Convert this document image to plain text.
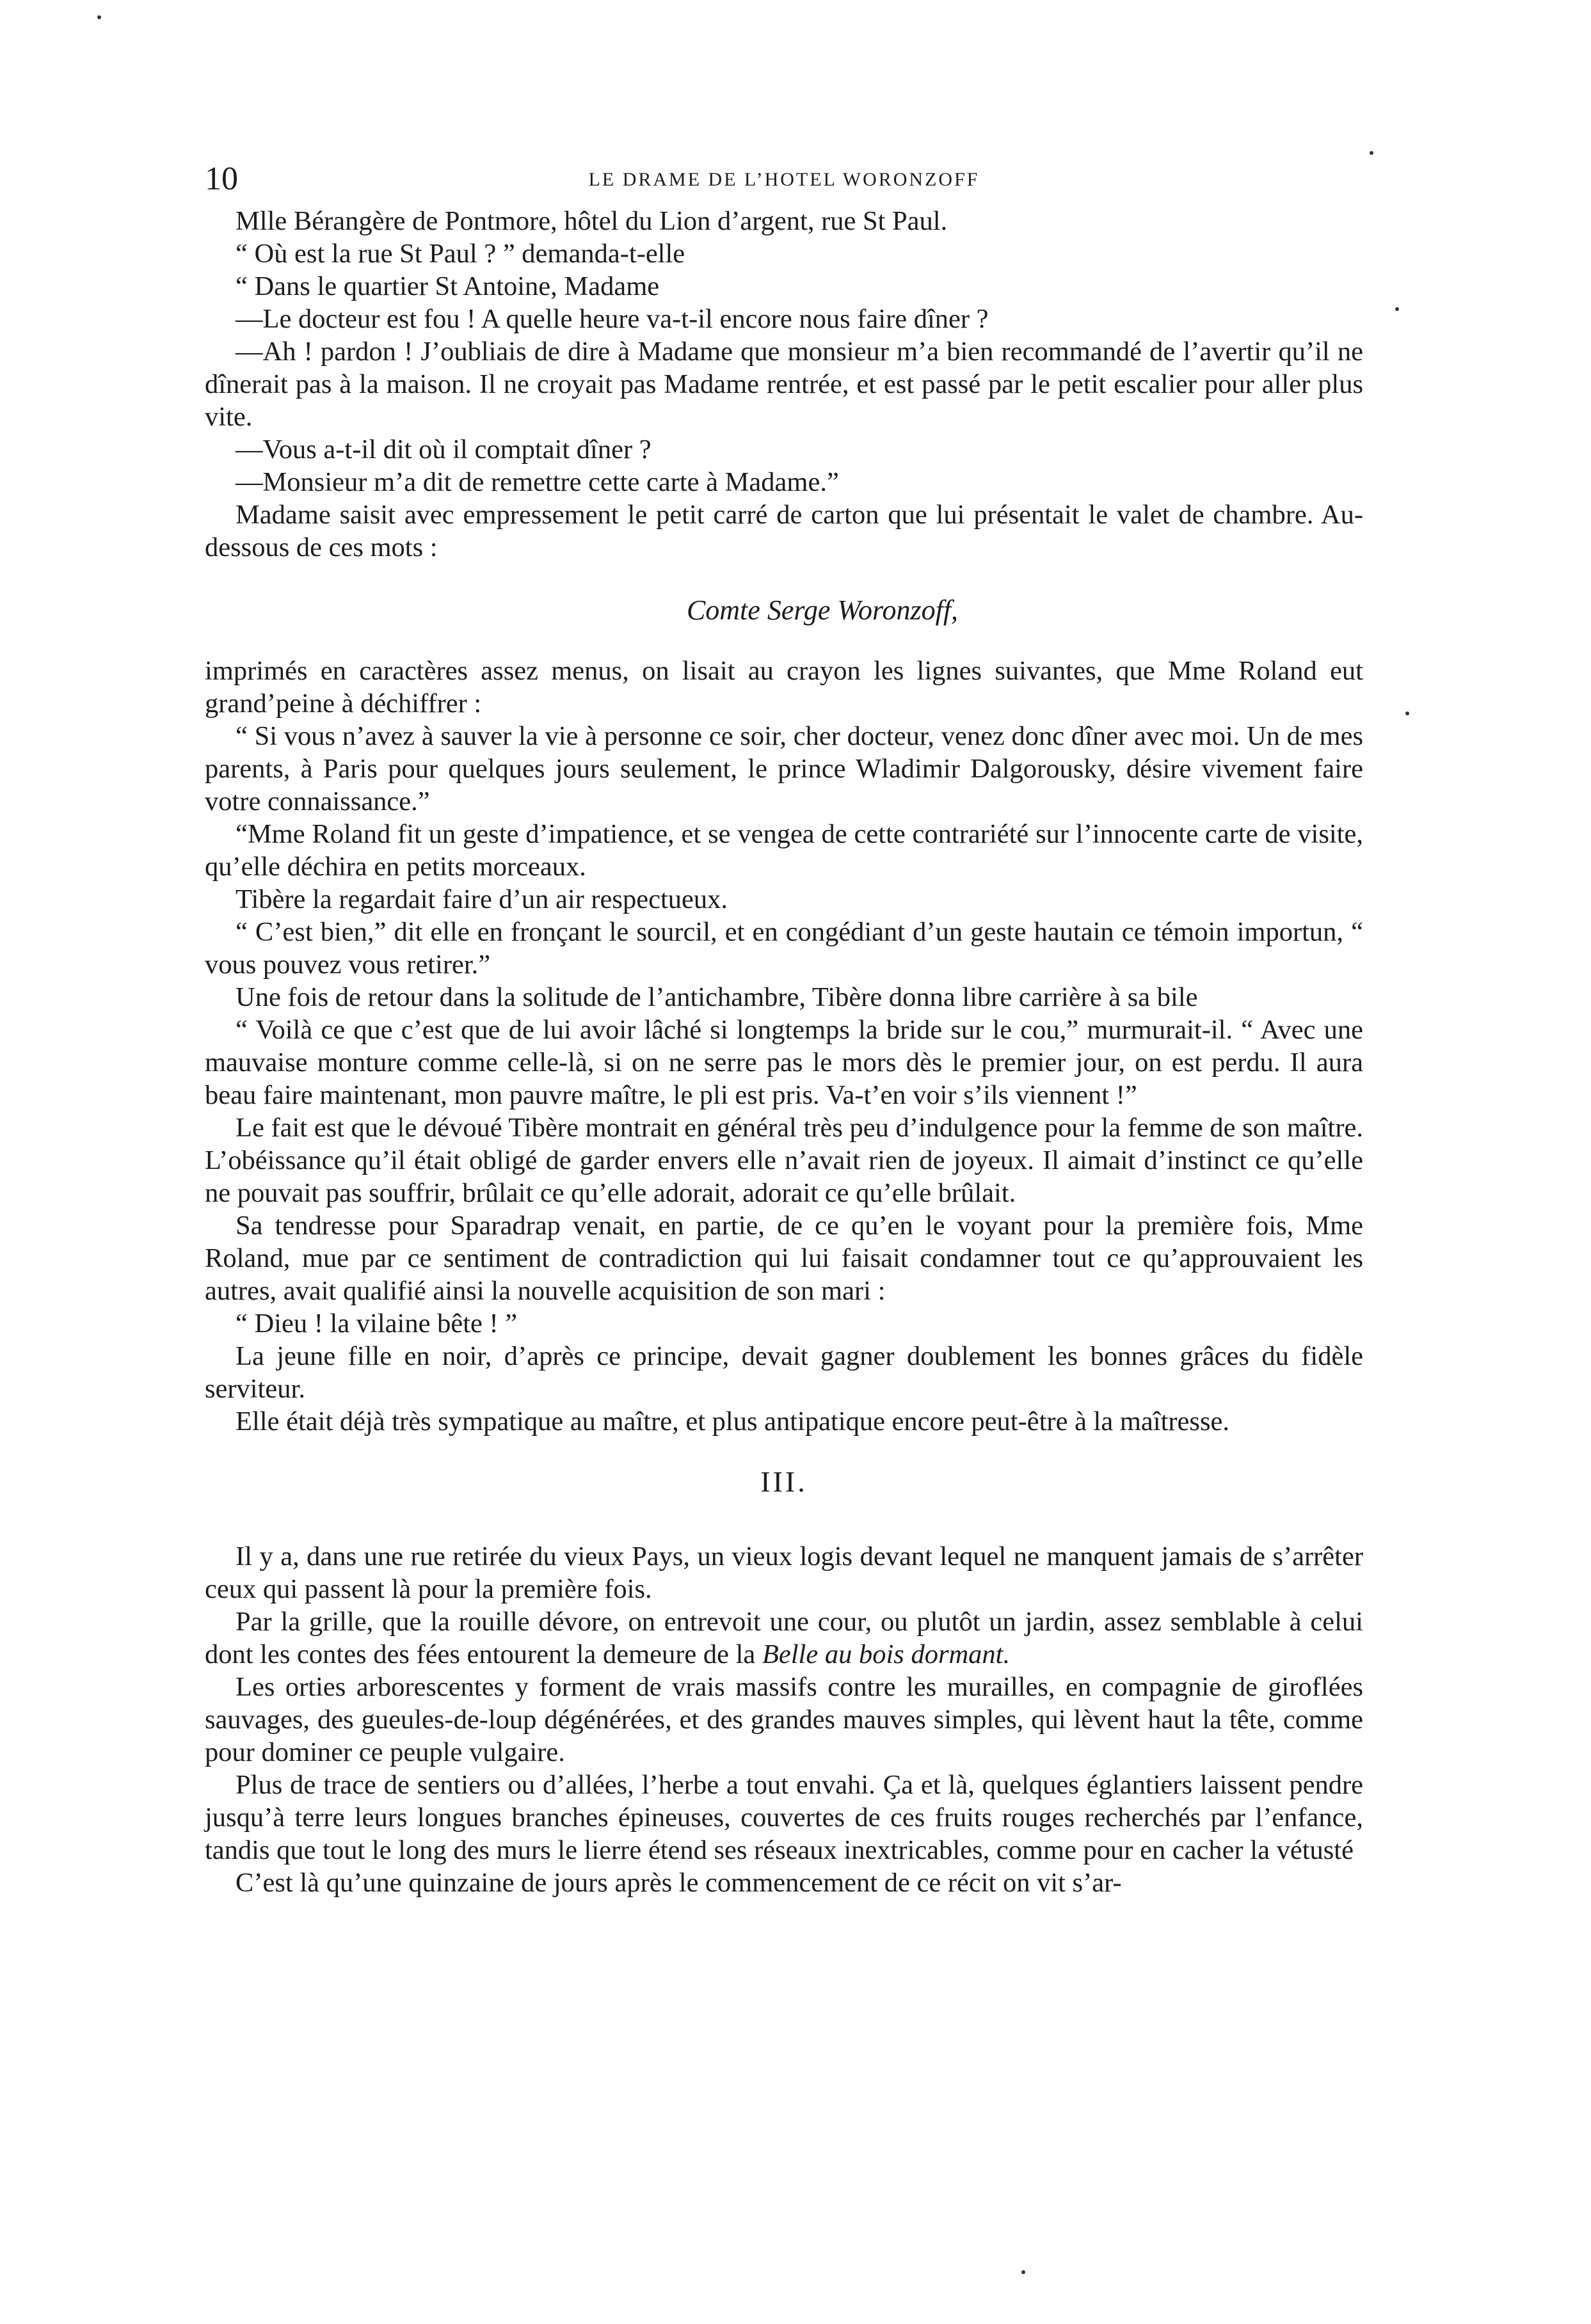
10	LE DRAME DE L’HOTEL WORONZOFF

Mlle Bérangère de Pontmore, hôtel du Lion d’argent, rue St Paul.

“ Où est la rue St Paul ? ” demanda-t-elle

“ Dans le quartier St Antoine, Madame

—Le docteur est fou ! A quelle heure va-t-il encore nous faire dîner ?

—Ah ! pardon ! J’oubliais de dire à Madame que monsieur m’a bien recommandé de l’avertir qu’il ne dînerait pas à la maison. Il ne croyait pas Madame rentrée, et est passé par le petit escalier pour aller plus vite.

—Vous a-t-il dit où il comptait dîner ?

—Monsieur m’a dit de remettre cette carte à Madame.”

Madame saisit avec empressement le petit carré de carton que lui présentait le valet de chambre. Au-dessous de ces mots :

Comte Serge Woronzoff,

imprimés en caractères assez menus, on lisait au crayon les lignes suivantes, que Mme Roland eut grand’peine à déchiffrer :

“ Si vous n’avez à sauver la vie à personne ce soir, cher docteur, venez donc dîner avec moi. Un de mes parents, à Paris pour quelques jours seulement, le prince Wladimir Dalgorousky, désire vivement faire votre connaissance.”

“Mme Roland fit un geste d’impatience, et se vengea de cette contrariété sur l’innocente carte de visite, qu’elle déchira en petits morceaux.

Tibère la regardait faire d’un air respectueux.

“ C’est bien,” dit elle en fronçant le sourcil, et en congédiant d’un geste hautain ce témoin importun, “ vous pouvez vous retirer.”

Une fois de retour dans la solitude de l’antichambre, Tibère donna libre carrière à sa bile

“ Voilà ce que c’est que de lui avoir lâché si longtemps la bride sur le cou,” murmurait-il. “ Avec une mauvaise monture comme celle-là, si on ne serre pas le mors dès le premier jour, on est perdu. Il aura beau faire maintenant, mon pauvre maître, le pli est pris. Va-t’en voir s’ils viennent !”

Le fait est que le dévoué Tibère montrait en général très peu d’indulgence pour la femme de son maître. L’obéissance qu’il était obligé de garder envers elle n’avait rien de joyeux. Il aimait d’instinct ce qu’elle ne pouvait pas souffrir, brûlait ce qu’elle adorait, adorait ce qu’elle brûlait.

Sa tendresse pour Sparadrap venait, en partie, de ce qu’en le voyant pour la première fois, Mme Roland, mue par ce sentiment de contradiction qui lui faisait condamner tout ce qu’approuvaient les autres, avait qualifié ainsi la nouvelle acquisition de son mari :

“ Dieu ! la vilaine bête ! ”

La jeune fille en noir, d’après ce principe, devait gagner doublement les bonnes grâces du fidèle serviteur.

Elle était déjà très sympatique au maître, et plus antipatique encore peut-être à la maîtresse.

III.

Il y a, dans une rue retirée du vieux Pays, un vieux logis devant lequel ne manquent jamais de s’arrêter ceux qui passent là pour la première fois.

Par la grille, que la rouille dévore, on entrevoit une cour, ou plutôt un jardin, assez semblable à celui dont les contes des fées entourent la demeure de la Belle au bois dormant.

Les orties arborescentes y forment de vrais massifs contre les murailles, en compagnie de giroflées sauvages, des gueules-de-loup dégénérées, et des grandes mauves simples, qui lèvent haut la tête, comme pour dominer ce peuple vulgaire.

Plus de trace de sentiers ou d’allées, l’herbe a tout envahi. Ça et là, quelques églantiers laissent pendre jusqu’à terre leurs longues branches épineuses, couvertes de ces fruits rouges recherchés par l’enfance, tandis que tout le long des murs le lierre étend ses réseaux inextricables, comme pour en cacher la vétusté

C’est là qu’une quinzaine de jours après le commencement de ce récit on vit s’ar-
